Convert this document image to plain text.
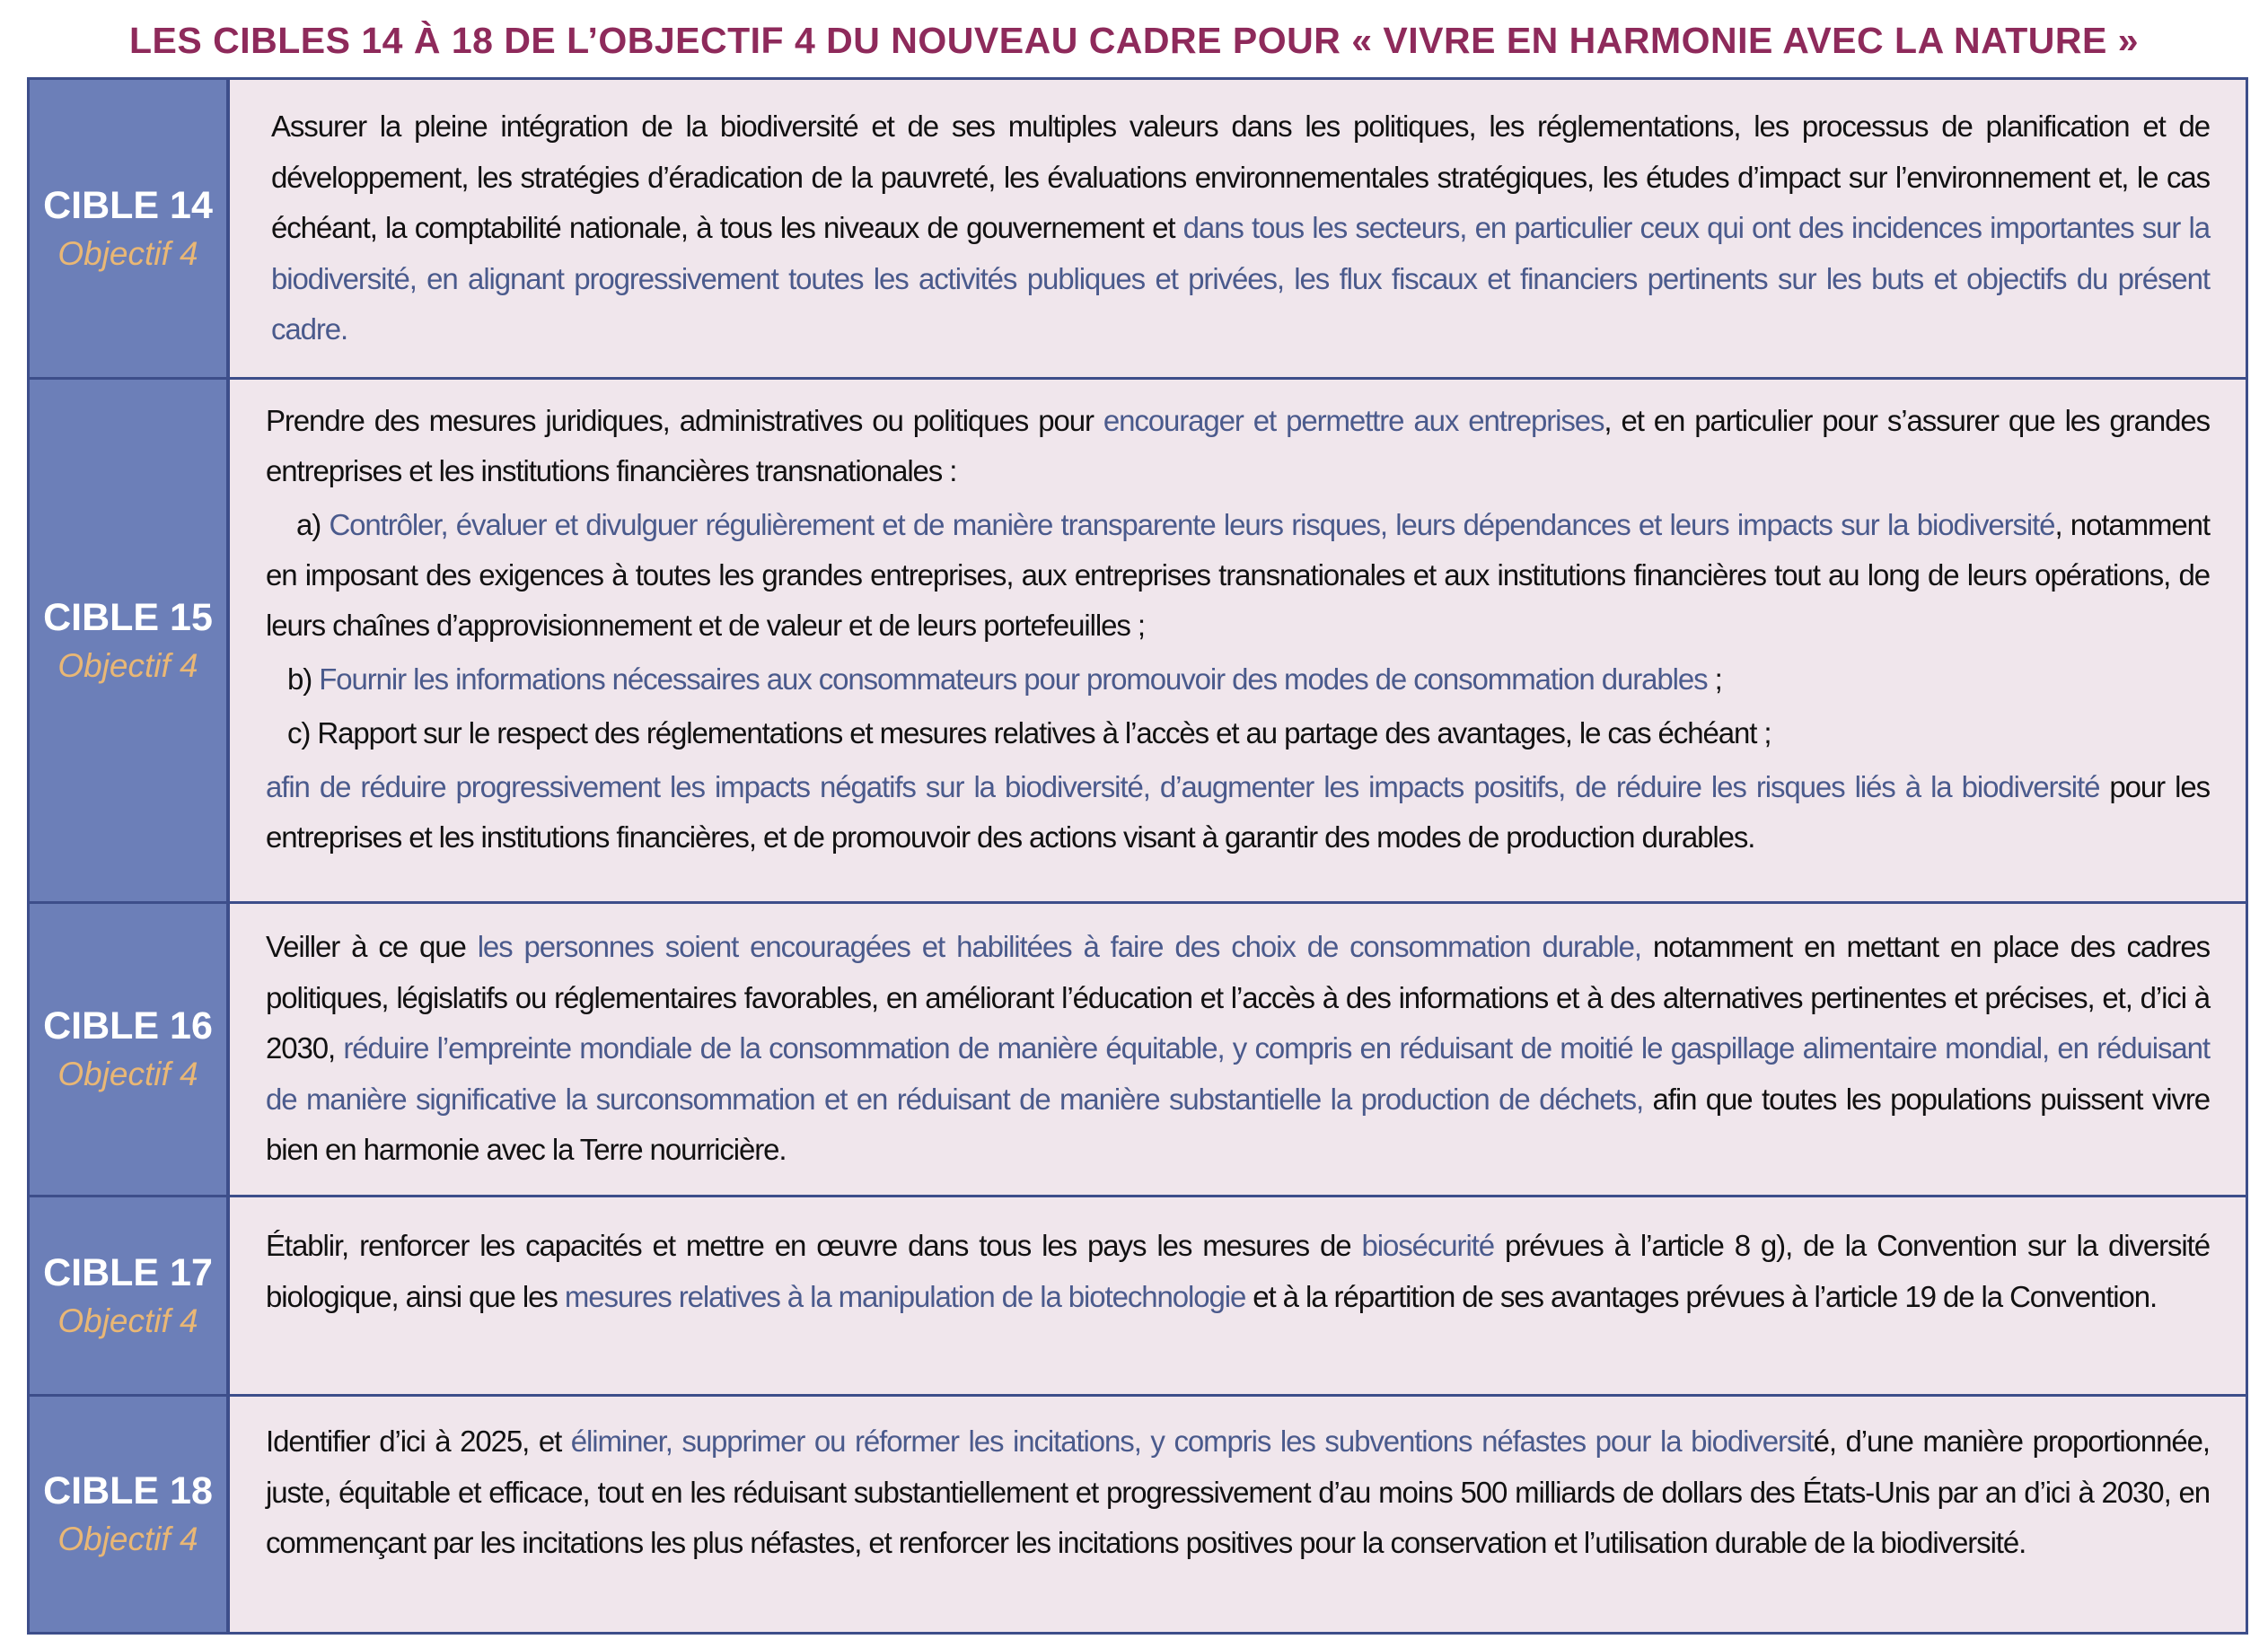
LES CIBLES 14 À 18 DE L’OBJECTIF 4 DU NOUVEAU CADRE POUR « VIVRE EN HARMONIE AVEC LA NATURE »
CIBLE 14
Objectif 4

Assurer la pleine intégration de la biodiversité et de ses multiples valeurs dans les politiques, les réglementations, les processus de planification et de développement, les stratégies d’éradication de la pauvreté, les évaluations environnementales stratégiques, les études d’impact sur l’environnement et, le cas échéant, la comptabilité nationale, à tous les niveaux de gouvernement et dans tous les secteurs, en particulier ceux qui ont des incidences importantes sur la biodiversité, en alignant progressivement toutes les activités publiques et privées, les flux fiscaux et financiers pertinents sur les buts et objectifs du présent cadre.

CIBLE 15
Objectif 4

Prendre des mesures juridiques, administratives ou politiques pour encourager et permettre aux entreprises, et en particulier pour s’assurer que les grandes entreprises et les institutions financières transnationales :

a) Contrôler, évaluer et divulguer régulièrement et de manière transparente leurs risques, leurs dépendances et leurs impacts sur la biodiversité, notamment en imposant des exigences à toutes les grandes entreprises, aux entreprises transnationales et aux institutions financières tout au long de leurs opérations, de leurs chaînes d’approvisionnement et de valeur et de leurs portefeuilles ;

b) Fournir les informations nécessaires aux consommateurs pour promouvoir des modes de consommation durables ;

c) Rapport sur le respect des réglementations et mesures relatives à l’accès et au partage des avantages, le cas échéant ;

afin de réduire progressivement les impacts négatifs sur la biodiversité, d’augmenter les impacts positifs, de réduire les risques liés à la biodiversité pour les entreprises et les institutions financières, et de promouvoir des actions visant à garantir des modes de production durables.

CIBLE 16
Objectif 4

Veiller à ce que les personnes soient encouragées et habilitées à faire des choix de consommation durable, notamment en mettant en place des cadres politiques, législatifs ou réglementaires favorables, en améliorant l’éducation et l’accès à des informations et à des alternatives pertinentes et précises, et, d’ici à 2030, réduire l’empreinte mondiale de la consommation de manière équitable, y compris en réduisant de moitié le gaspillage alimentaire mondial, en réduisant de manière significative la surconsommation et en réduisant de manière substantielle la production de déchets, afin que toutes les populations puissent vivre bien en harmonie avec la Terre nourricière.

CIBLE 17
Objectif 4

Établir, renforcer les capacités et mettre en œuvre dans tous les pays les mesures de biosécurité prévues à l’article 8 g), de la Convention sur la diversité biologique, ainsi que les mesures relatives à la manipulation de la biotechnologie et à la répartition de ses avantages prévues à l’article 19 de la Convention.

CIBLE 18
Objectif 4

Identifier d’ici à 2025, et éliminer, supprimer ou réformer les incitations, y compris les subventions néfastes pour la biodiversité, d’une manière proportionnée, juste, équitable et efficace, tout en les réduisant substantiellement et progressivement d’au moins 500 milliards de dollars des États-Unis par an d’ici à 2030, en commençant par les incitations les plus néfastes, et renforcer les incitations positives pour la conservation et l’utilisation durable de la biodiversité.
